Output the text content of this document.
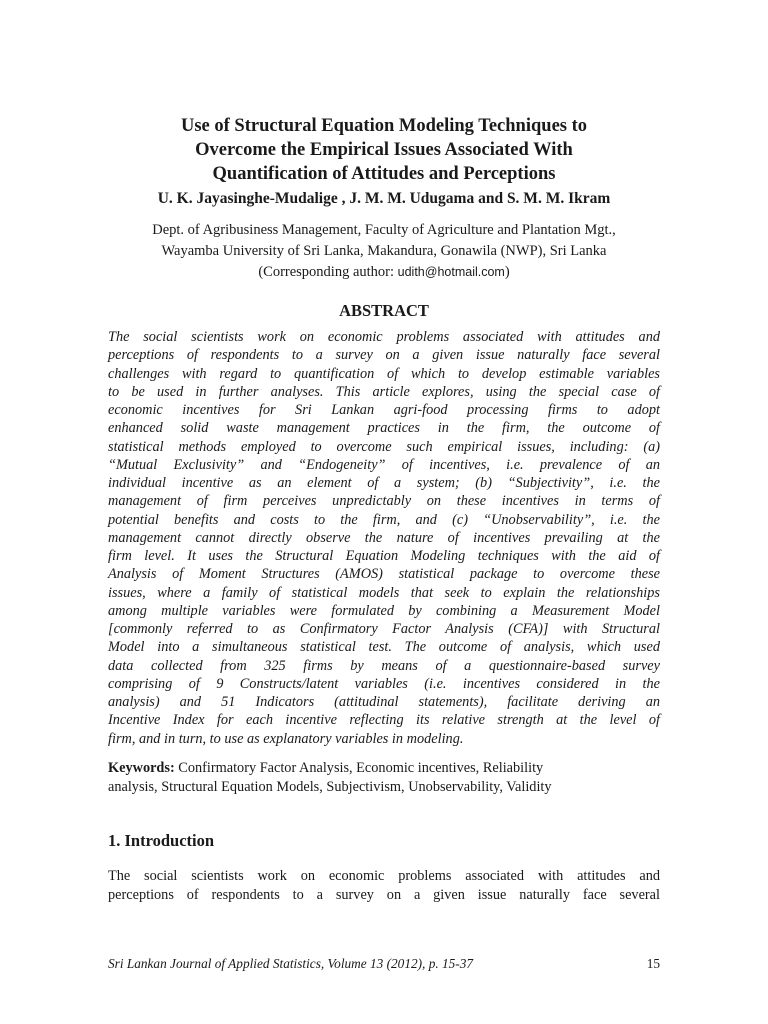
Use of Structural Equation Modeling Techniques to
Overcome the Empirical Issues Associated With
Quantification of Attitudes and Perceptions
U. K. Jayasinghe-Mudalige , J. M. M. Udugama and S. M. M. Ikram
Dept. of Agribusiness Management, Faculty of Agriculture and Plantation Mgt.,
Wayamba University of Sri Lanka, Makandura, Gonawila (NWP), Sri Lanka
(Corresponding author: udith@hotmail.com)
ABSTRACT
The social scientists work on economic problems associated with attitudes and
perceptions of respondents to a survey on a given issue naturally face several
challenges with regard to quantification of which to develop estimable variables
to be used in further analyses. This article explores, using the special case of
economic incentives for Sri Lankan agri-food processing firms to adopt
enhanced solid waste management practices in the firm, the outcome of
statistical methods employed to overcome such empirical issues, including: (a)
“Mutual Exclusivity” and “Endogeneity” of incentives, i.e. prevalence of an
individual incentive as an element of a system; (b) “Subjectivity”, i.e. the
management of firm perceives unpredictably on these incentives in terms of
potential benefits and costs to the firm, and (c) “Unobservability”, i.e. the
management cannot directly observe the nature of incentives prevailing at the
firm level. It uses the Structural Equation Modeling techniques with the aid of
Analysis of Moment Structures (AMOS) statistical package to overcome these
issues, where a family of statistical models that seek to explain the relationships
among multiple variables were formulated by combining a Measurement Model
[commonly referred to as Confirmatory Factor Analysis (CFA)] with Structural
Model into a simultaneous statistical test. The outcome of analysis, which used
data collected from 325 firms by means of a questionnaire-based survey
comprising of 9 Constructs/latent variables (i.e. incentives considered in the
analysis) and 51 Indicators (attitudinal statements), facilitate deriving an
Incentive Index for each incentive reflecting its relative strength at the level of
firm, and in turn, to use as explanatory variables in modeling.
Keywords: Confirmatory Factor Analysis, Economic incentives, Reliability
analysis, Structural Equation Models, Subjectivism, Unobservability, Validity
1. Introduction
The social scientists work on economic problems associated with attitudes and
perceptions of respondents to a survey on a given issue naturally face several
Sri Lankan Journal of Applied Statistics, Volume 13 (2012), p. 15-37	15
